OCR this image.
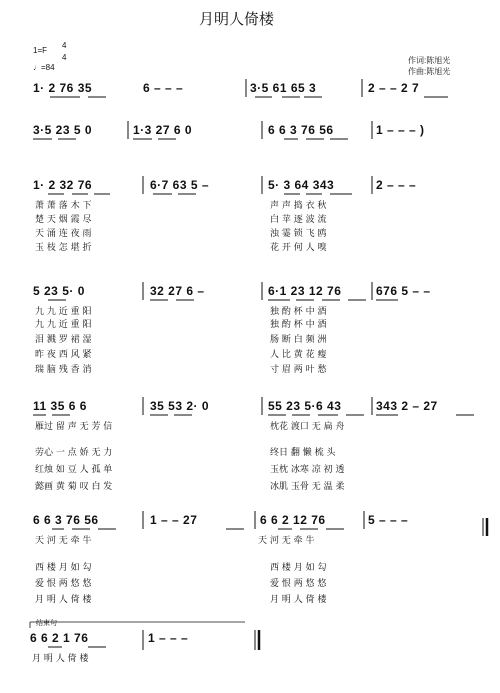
月明人倚楼
1=F
4
4
♩=84
作词:陈旭光
作曲:陈旭光
结束句
1· 2 76 35	6 – – –	3·5 61 65 3	2 – – 2 7
3·5 23 5 0	1·3 27 6 0	6 6 3 76 56	1 – – – )
1· 2 32 76	6·7 63 5 –	5· 3 64 343	2 – – –
萧 萧 落 木 下	声 声 捣 衣 秋
5 23 5· 0	32 27 6 –	6·1 23 12 76	676 5 – –
九 九 近 重 阳	独 酌 杯 中 酒
11 35 6 6	35 53 2· 0	55 23 5·6 43	343 2 – 27
雁过 留 声 无 芳 信	枕花 渡口 无 扁 舟
6 6 3 76 56	1 – – 27	6 6 2 12 76	5 – – –
天 河 无 牵 牛	天 河 无 牵 牛
6 6 2 1 76	1 – – –
月 明 人 倚 楼
楚 天 烟 霞 尽	白 苹 逐 波 流
天 涌 连 夜 雨	浊 霎 锁 飞 鸥
玉 枝 怎 堪 折	花 开 何 人 嗅
九 九 近 重 阳	独 酌 杯 中 酒
泪 溅 罗 裙 湿	肠 断 白 频 洲
昨 夜 西 风 紧	人 比 黄 花 瘦
瑞 脑 残 香 消	寸 眉 两 叶 愁
劳心 一 点 娇 无 力	终日 翻 懒 梳 头
红烛 如 豆 人 孤 单	玉枕 冰寒 凉 初 透
懿画 黄 菊 叹 白 发	冰肌 玉骨 无 温 柔
西 楼 月 如 勾	西 楼 月 如 勾
爱 恨 两 悠 悠	爱 恨 两 悠 悠
月 明 人 倚 楼	月 明 人 倚 楼
